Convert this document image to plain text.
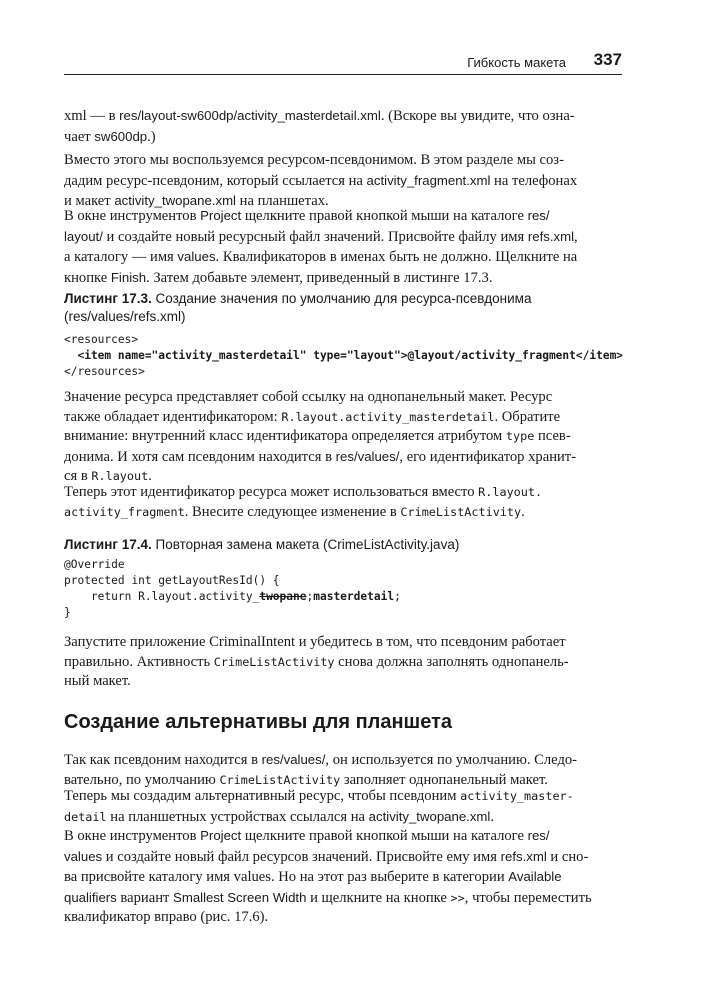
Гибкость макета 337

xml — в res/layout-sw600dp/activity_masterdetail.xml. (Вскоре вы увидите, что озна-
чает sw600dp.)

Вместо этого мы воспользуемся ресурсом-псевдонимом. В этом разделе мы соз-
дадим ресурс-псевдоним, который ссылается на activity_fragment.xml на телефонах
и макет activity_twopane.xml на планшетах.

В окне инструментов Project щелкните правой кнопкой мыши на каталоге res/
layout/ и создайте новый ресурсный файл значений. Присвойте файлу имя refs.xml,
а каталогу — имя values. Квалификаторов в именах быть не должно. Щелкните на
кнопке Finish. Затем добавьте элемент, приведенный в листинге 17.3.

Листинг 17.3. Создание значения по умолчанию для ресурса-псевдонима
(res/values/refs.xml)
<resources>
<item name="activity_masterdetail" type="layout">@layout/activity_fragment</item>
</resources>

Значение ресурса представляет собой ссылку на однопанельный макет. Ресурс
также обладает идентификатором: R.layout.activity_masterdetail. Обратите
внимание: внутренний класс идентификатора определяется атрибутом type псев-
донима. И хотя сам псевдоним находится в res/values/, его идентификатор хранит-
ся в R.layout.

Теперь этот идентификатор ресурса может использоваться вместо R.layout.
activity_fragment. Внесите следующее изменение в CrimeListActivity.

Листинг 17.4. Повторная замена макета (CrimeListActivity.java)
@Override
protected int getLayoutResId() {
return R.layout.activity_twopane;masterdetail;
}

Запустите приложение CriminalIntent и убедитесь в том, что псевдоним работает
правильно. Активность CrimeListActivity снова должна заполнять однопанель-
ный макет.

Создание альтернативы для планшета

Так как псевдоним находится в res/values/, он используется по умолчанию. Следо-
вательно, по умолчанию CrimeListActivity заполняет однопанельный макет.

Теперь мы создадим альтернативный ресурс, чтобы псевдоним activity_master-
detail на планшетных устройствах ссылался на activity_twopane.xml.

В окне инструментов Project щелкните правой кнопкой мыши на каталоге res/
values и создайте новый файл ресурсов значений. Присвойте ему имя refs.xml и сно-
ва присвойте каталогу имя values. Но на этот раз выберите в категории Available
qualifiers вариант Smallest Screen Width и щелкните на кнопке >>, чтобы переместить
квалификатор вправо (рис. 17.6).
